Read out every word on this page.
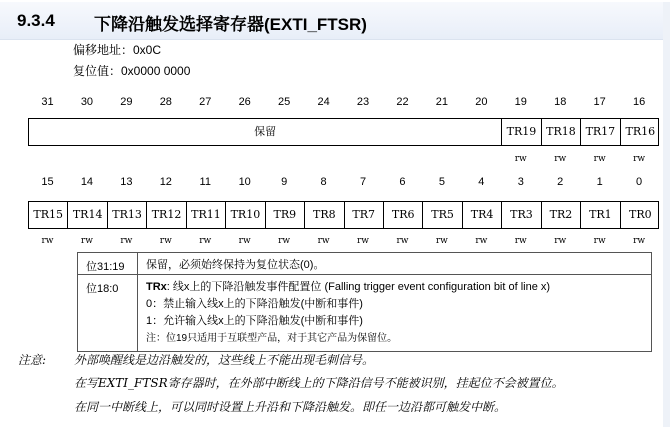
9.3.4 下降沿触发选择寄存器(EXTI_FTSR)
偏移地址：0x0C
复位值：0x0000 0000
31	30	29	28	27	26	25	24	23	22	21	20	19	18	17	16
保留	TR19 TR18 TR17 TR16
rw	rw	rw	rw
15	14	13	12	11	10	9	8	7	6	5	4	3	2	1	0
TR15 TR14 TR13 TR12 TR11 TR10	TR9	TR8	TR7	TR6	TR5	TR4	TR3	TR2	TR1	TR0
rw	rw	rw	rw	rw	rw	rw	rw	rw	rw	rw	rw	rw	rw	rw	rw
位31:19	保留，必须始终保持为复位状态(0)。
位18:0	TRx: 线x上的下降沿触发事件配置位 (Falling trigger event configuration bit of line x)
0：禁止输入线x上的下降沿触发(中断和事件)
1：允许输入线x上的下降沿触发(中断和事件)
注：位19只适用于互联型产品，对于其它产品为保留位。
注意: 外部唤醒线是边沿触发的，这些线上不能出现毛刺信号。
在写EXTI_FTSR寄存器时，在外部中断线上的下降沿信号不能被识别，挂起位不会被置位。
在同一中断线上，可以同时设置上升沿和下降沿触发。即任一边沿都可触发中断。
